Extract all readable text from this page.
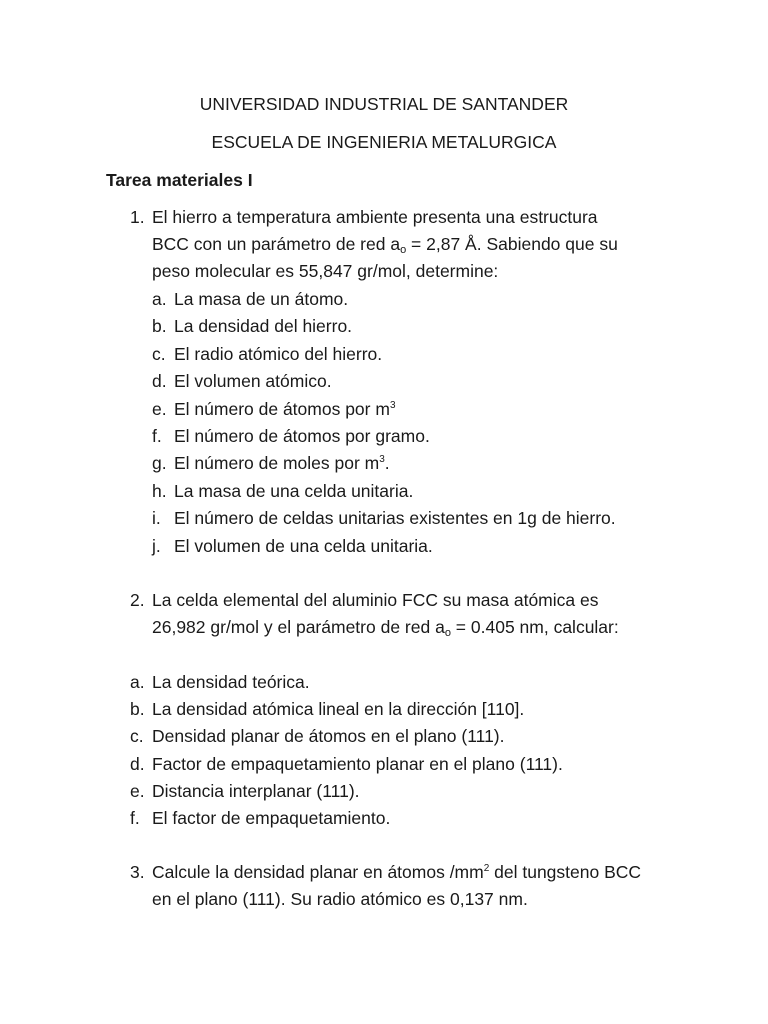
UNIVERSIDAD INDUSTRIAL DE SANTANDER
ESCUELA DE INGENIERIA METALURGICA
Tarea materiales I
1. El hierro a temperatura ambiente presenta una estructura
BCC con un parámetro de red $a_o = 2,87$ Å. Sabiendo que su
peso molecular es 55,847 gr/mol, determine:
a. La masa de un átomo.
b. La densidad del hierro.
c. El radio atómico del hierro.
d. El volumen atómico.
e. El número de átomos por $m^3$
f. El número de átomos por gramo.
g. El número de moles por $m^3$.
h. La masa de una celda unitaria.
i. El número de celdas unitarias existentes en 1g de hierro.
j. El volumen de una celda unitaria.
2. La celda elemental del aluminio FCC su masa atómica es
26,982 gr/mol y el parámetro de red $a_o = 0.405$ nm, calcular:
a. La densidad teórica.
b. La densidad atómica lineal en la dirección [110].
c. Densidad planar de átomos en el plano (111).
d. Factor de empaquetamiento planar en el plano (111).
e. Distancia interplanar (111).
f. El factor de empaquetamiento.
3. Calcule la densidad planar en átomos $/mm^2$ del tungsteno BCC
en el plano (111). Su radio atómico es 0,137 nm.
